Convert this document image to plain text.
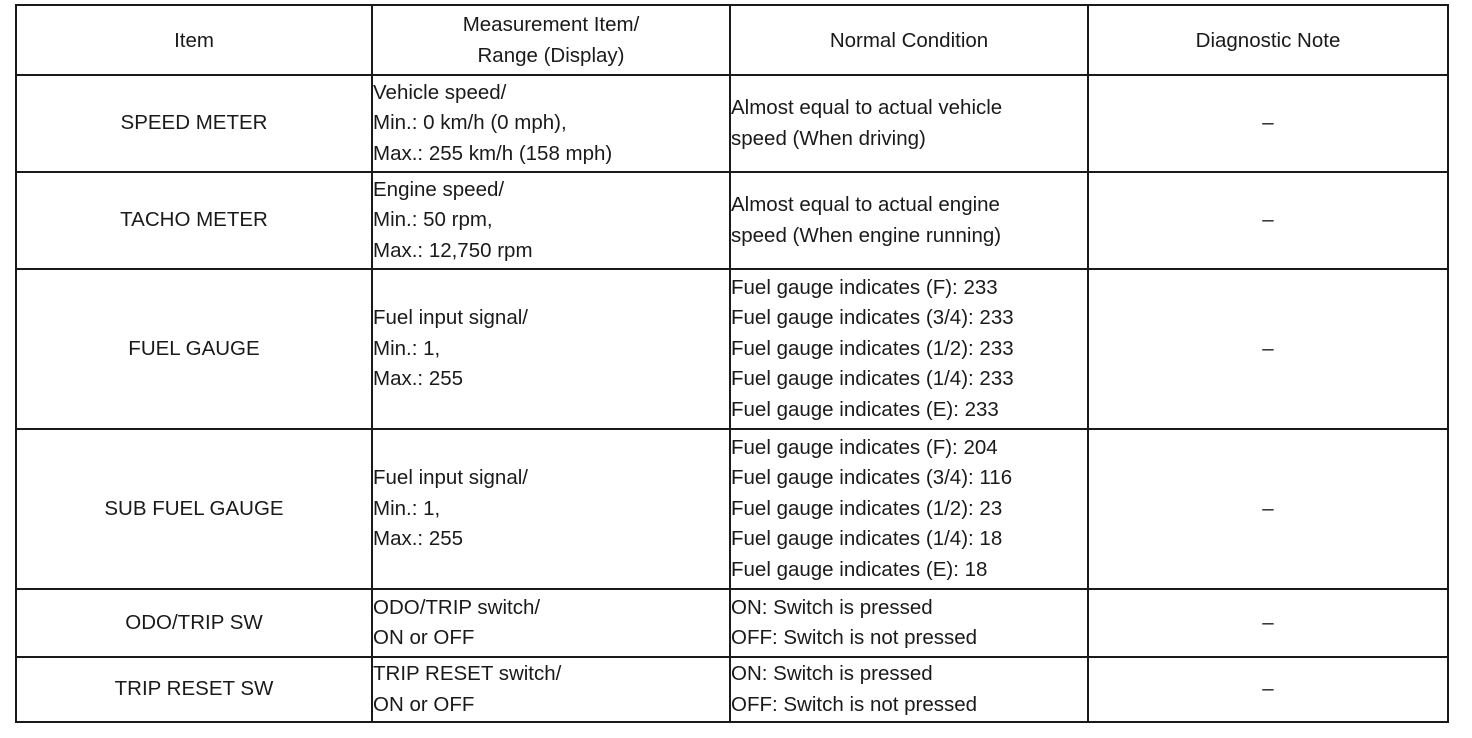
Item	Measurement Item/
Range (Display)	Normal Condition	Diagnostic Note
SPEED METER	Vehicle speed/
Min.: 0 km/h (0 mph),
Max.: 255 km/h (158 mph)	Almost equal to actual vehicle
speed (When driving)	–
TACHO METER	Engine speed/
Min.: 50 rpm,
Max.: 12,750 rpm	Almost equal to actual engine
speed (When engine running)	–
FUEL GAUGE	Fuel input signal/
Min.: 1,
Max.: 255	Fuel gauge indicates (F): 233
Fuel gauge indicates (3/4): 233
Fuel gauge indicates (1/2): 233
Fuel gauge indicates (1/4): 233
Fuel gauge indicates (E): 233	–
SUB FUEL GAUGE	Fuel input signal/
Min.: 1,
Max.: 255	Fuel gauge indicates (F): 204
Fuel gauge indicates (3/4): 116
Fuel gauge indicates (1/2): 23
Fuel gauge indicates (1/4): 18
Fuel gauge indicates (E): 18	–
ODO/TRIP SW	ODO/TRIP switch/
ON or OFF	ON: Switch is pressed
OFF: Switch is not pressed	–
TRIP RESET SW	TRIP RESET switch/
ON or OFF	ON: Switch is pressed
OFF: Switch is not pressed	–
